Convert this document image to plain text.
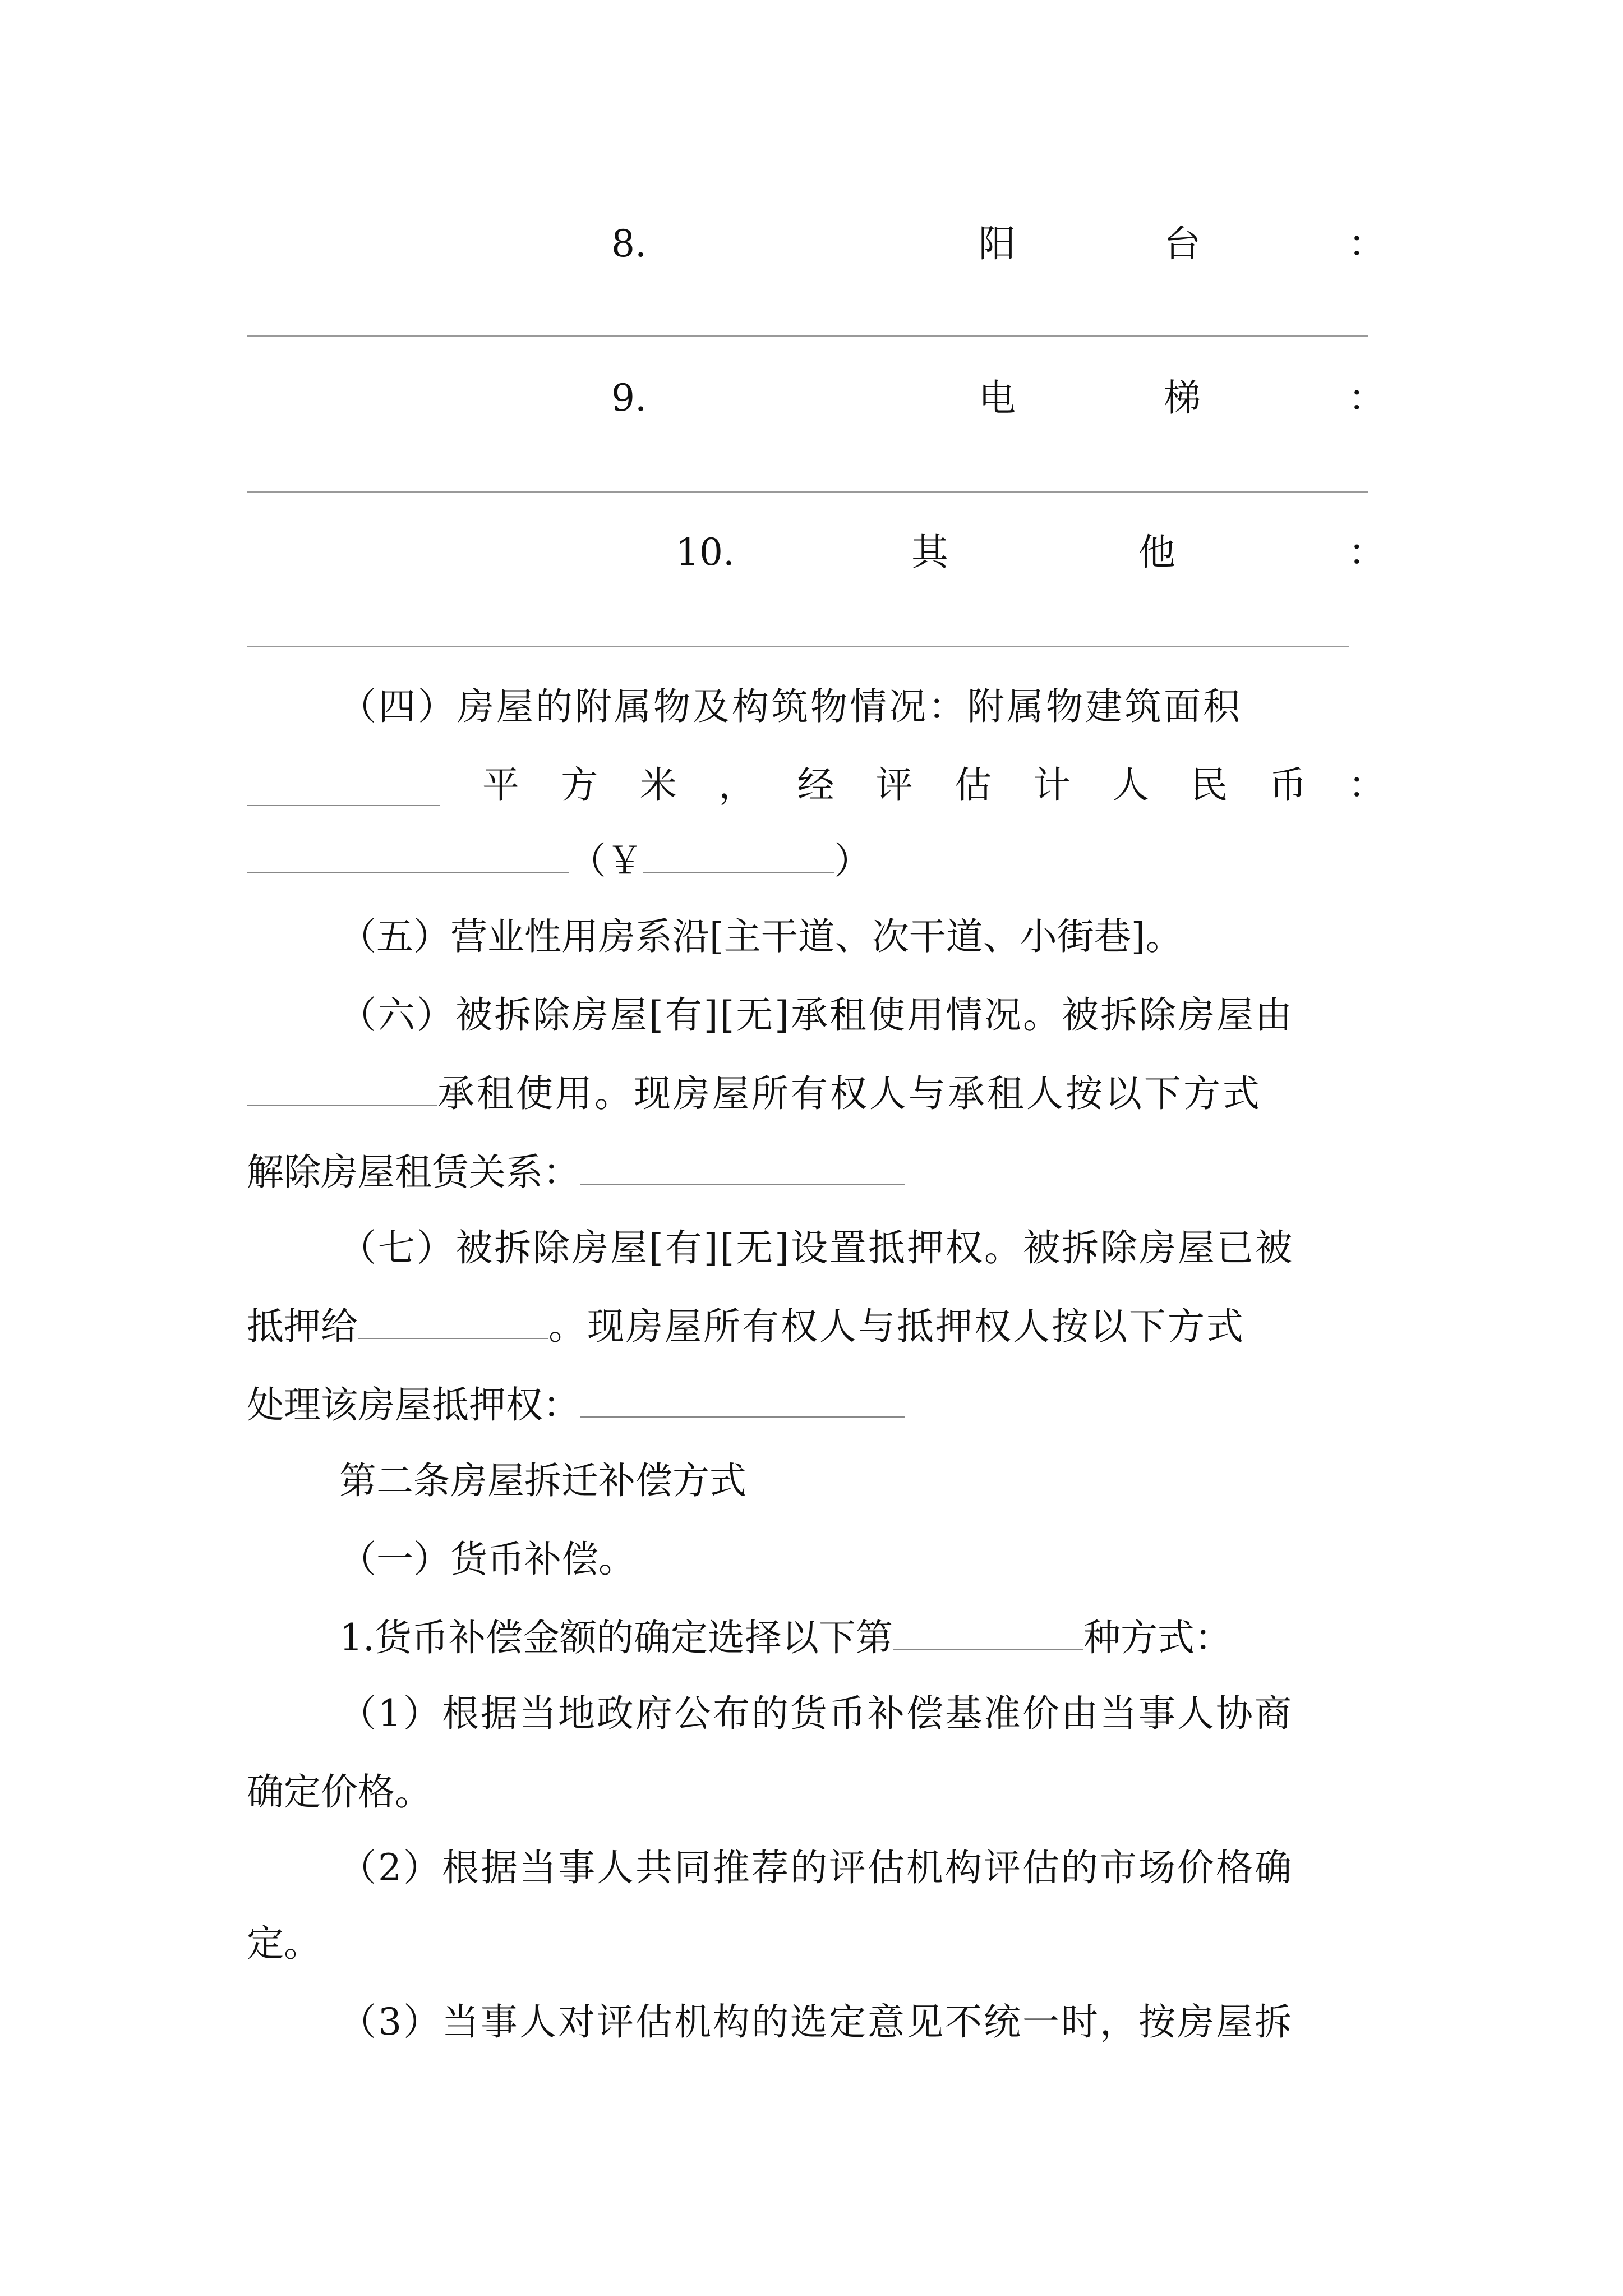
8.	阳	台	：
9.	电	梯	：
10.	其	他	：
（四）房屋的附属物及构筑物情况：附属物建筑面积
平 方 米 ， 经 评 估 计 人 民 币 ：
（￥	）
（五）营业性用房系沿[主干道、次干道、小街巷]。
（六）被拆除房屋[有][无]承租使用情况。被拆除房屋由
承租使用。现房屋所有权人与承租人按以下方式
解除房屋租赁关系：
（七）被拆除房屋[有][无]设置抵押权。被拆除房屋已被
抵押给	。现房屋所有权人与抵押权人按以下方式
处理该房屋抵押权：
第二条房屋拆迁补偿方式
（一）货币补偿。
1.货币补偿金额的确定选择以下第	种方式：
（1）根据当地政府公布的货币补偿基准价由当事人协商
确定价格。
（2）根据当事人共同推荐的评估机构评估的市场价格确
定。
（3）当事人对评估机构的选定意见不统一时，按房屋拆
